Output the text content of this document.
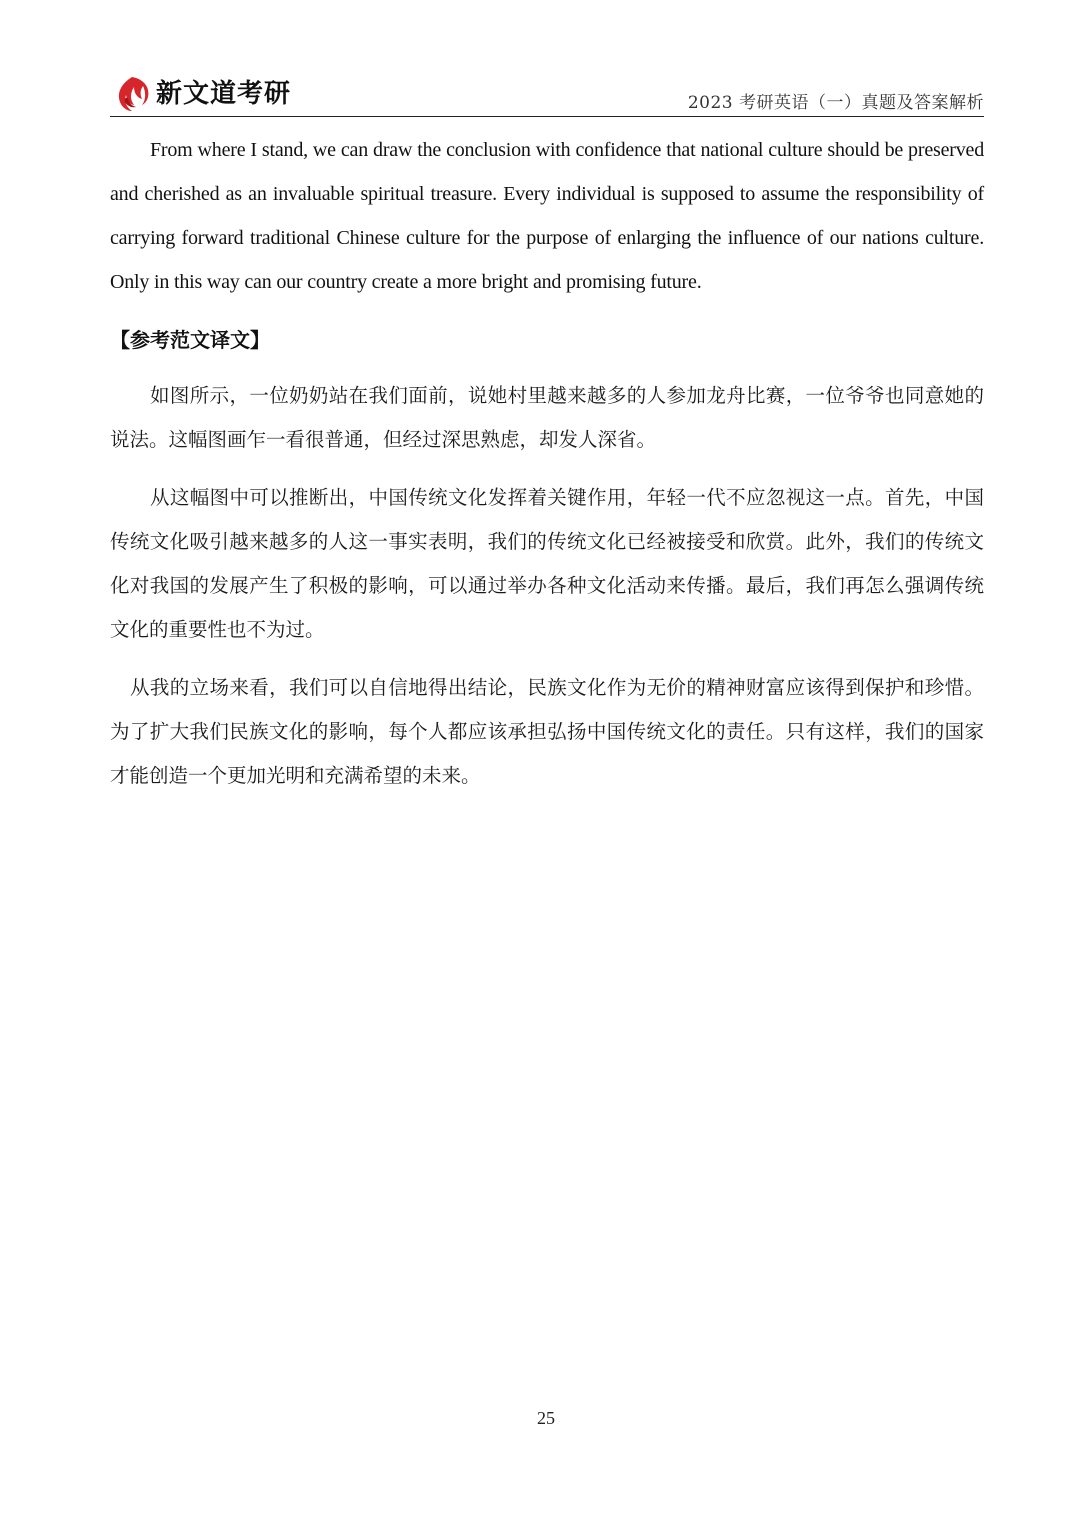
新文道考研	2023 考研英语（一）真题及答案解析

From where I stand, we can draw the conclusion with confidence that national culture should be preserved and cherished as an invaluable spiritual treasure. Every individual is supposed to assume the responsibility of carrying forward traditional Chinese culture for the purpose of enlarging the influence of our nations culture. Only in this way can our country create a more bright and promising future.

【参考范文译文】

如图所示，一位奶奶站在我们面前，说她村里越来越多的人参加龙舟比赛，一位爷爷也同意她的说法。这幅图画乍一看很普通，但经过深思熟虑，却发人深省。

从这幅图中可以推断出，中国传统文化发挥着关键作用，年轻一代不应忽视这一点。首先，中国传统文化吸引越来越多的人这一事实表明，我们的传统文化已经被接受和欣赏。此外，我们的传统文化对我国的发展产生了积极的影响，可以通过举办各种文化活动来传播。最后，我们再怎么强调传统文化的重要性也不为过。

从我的立场来看，我们可以自信地得出结论，民族文化作为无价的精神财富应该得到保护和珍惜。为了扩大我们民族文化的影响，每个人都应该承担弘扬中国传统文化的责任。只有这样，我们的国家才能创造一个更加光明和充满希望的未来。

25
